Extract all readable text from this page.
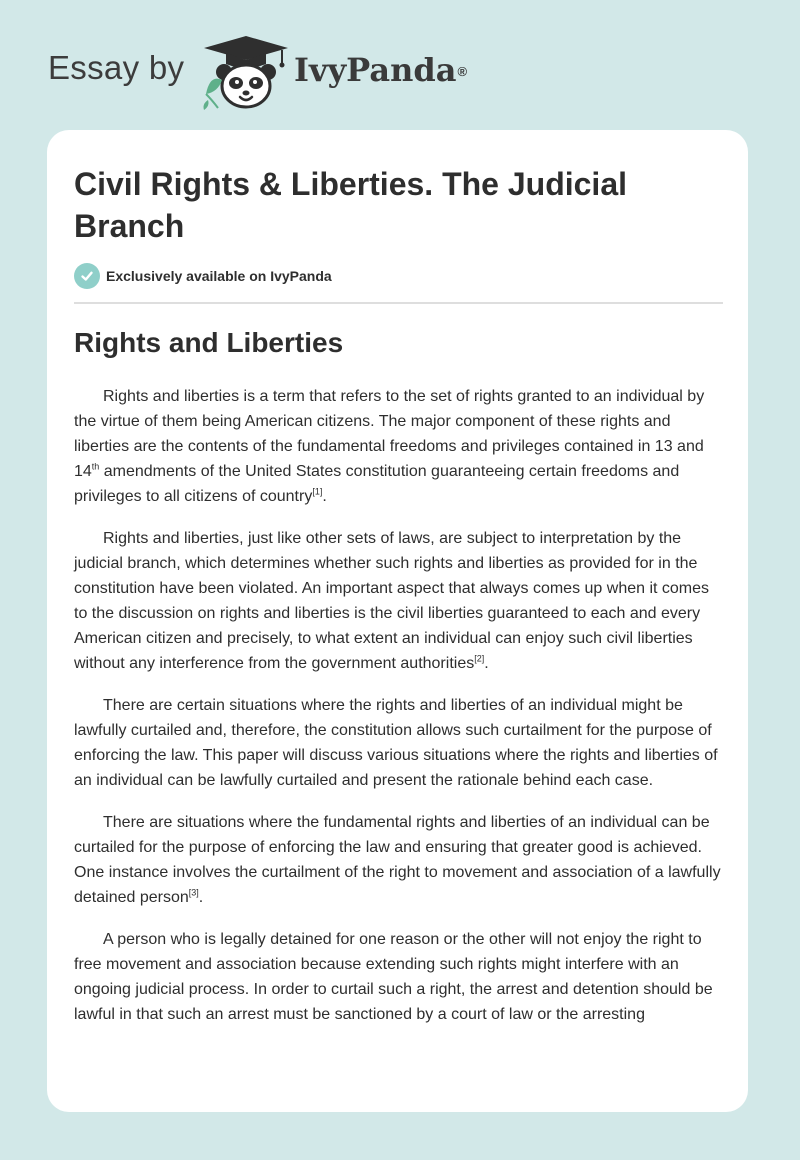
Essay by	IvyPanda®
Civil Rights & Liberties. The Judicial Branch
Exclusively available on IvyPanda
Rights and Liberties

Rights and liberties is a term that refers to the set of rights granted to an individual by the virtue of them being American citizens. The major component of these rights and liberties are the contents of the fundamental freedoms and privileges contained in 13 and 14th amendments of the United States constitution guaranteeing certain freedoms and privileges to all citizens of country[1].

Rights and liberties, just like other sets of laws, are subject to interpretation by the judicial branch, which determines whether such rights and liberties as provided for in the constitution have been violated. An important aspect that always comes up when it comes to the discussion on rights and liberties is the civil liberties guaranteed to each and every American citizen and precisely, to what extent an individual can enjoy such civil liberties without any interference from the government authorities[2].

There are certain situations where the rights and liberties of an individual might be lawfully curtailed and, therefore, the constitution allows such curtailment for the purpose of enforcing the law. This paper will discuss various situations where the rights and liberties of an individual can be lawfully curtailed and present the rationale behind each case.

There are situations where the fundamental rights and liberties of an individual can be curtailed for the purpose of enforcing the law and ensuring that greater good is achieved. One instance involves the curtailment of the right to movement and association of a lawfully detained person[3].

A person who is legally detained for one reason or the other will not enjoy the right to free movement and association because extending such rights might interfere with an ongoing judicial process. In order to curtail such a right, the arrest and detention should be lawful in that such an arrest must be sanctioned by a court of law or the arresting
